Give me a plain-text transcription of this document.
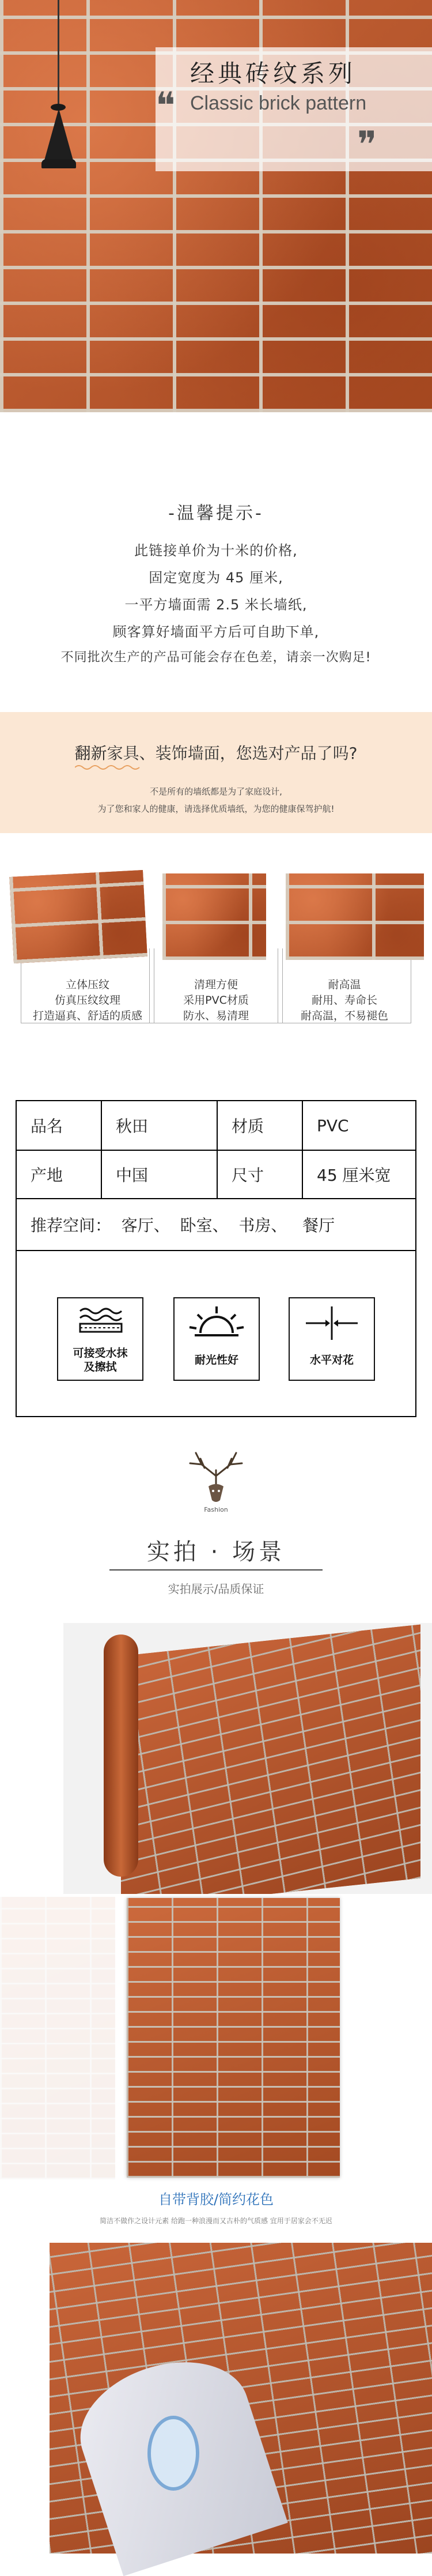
经典砖纹系列
❝ Classic brick pattern
❞
-温馨提示-
此链接单价为十米的价格,
固定宽度为 45 厘米,
一平方墙面需 2.5 米长墙纸,
顾客算好墙面平方后可自助下单,
不同批次生产的产品可能会存在色差，请亲一次购足!
翻新家具、装饰墙面，您选对产品了吗?
不是所有的墙纸都是为了家庭设计,
为了您和家人的健康，请选择优质墙纸，为您的健康保驾护航!
立体压纹
仿真压纹纹理
打造逼真、舒适的质感
清理方便
采用PVC材质
防水、易清理
耐高温
耐用、寿命长
耐高温，不易褪色
品名	秋田	材质	PVC
产地	中国	尺寸	45 厘米宽
推荐空间：  客厅、  卧室、  书房、   餐厅
可接受水抹
及擦拭
耐光性好	水平对花
Fashion
实拍 · 场景
实拍展示/品质保证
自带背胶/简约花色
简洁不做作之设计元素 给跑一种浪漫而又古朴的气质感 宜用于居家会不无迟
